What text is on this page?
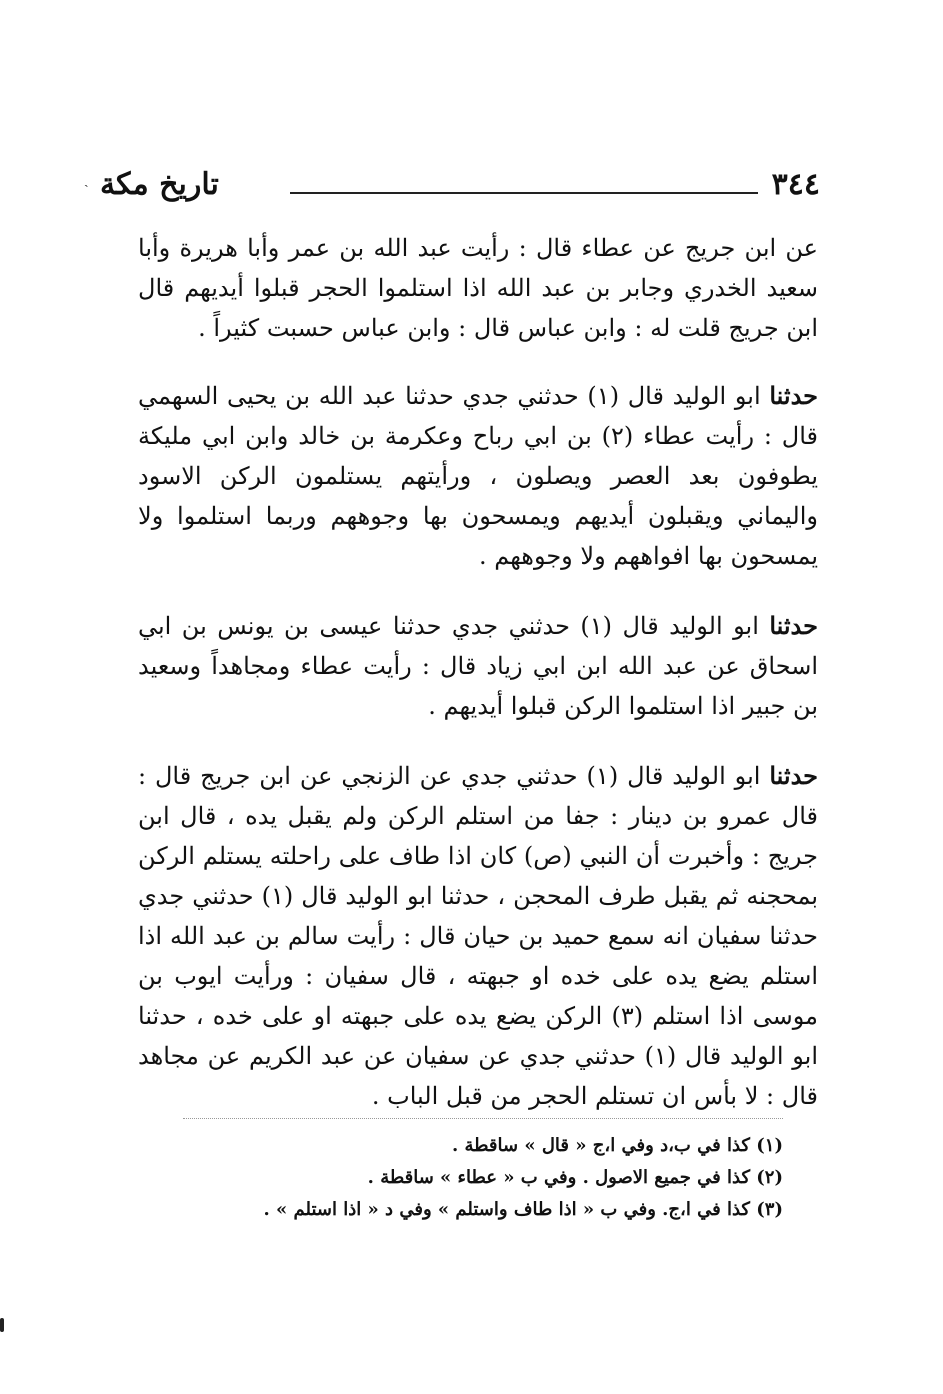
٣٤٤
تاريخ مكة
ˏ

عن ابن جريج عن عطاء قال : رأيت عبد الله بن عمر وأبا هريرة وأبا سعيد الخدري وجابر بن عبد الله اذا استلموا الحجر قبلوا أيديهم قال ابن جريج قلت له : وابن عباس قال : وابن عباس حسبت كثيراً .

حدثنا ابو الوليد قال (١) حدثني جدي حدثنا عبد الله بن يحيى السهمي قال : رأيت عطاء (٢) بن ابي رباح وعكرمة بن خالد وابن ابي مليكة يطوفون بعد العصر ويصلون ، ورأيتهم يستلمون الركن الاسود واليماني ويقبلون أيديهم ويمسحون بها وجوههم وربما استلموا ولا يمسحون بها افواههم ولا وجوههم .

حدثنا ابو الوليد قال (١) حدثني جدي حدثنا عيسى بن يونس بن ابي اسحاق عن عبد الله ابن ابي زياد قال : رأيت عطاء ومجاهداً وسعيد بن جبير اذا استلموا الركن قبلوا أيديهم .

حدثنا ابو الوليد قال (١) حدثني جدي عن الزنجي عن ابن جريج قال : قال عمرو بن دينار : جفا من استلم الركن ولم يقبل يده ، قال ابن جريج : وأخبرت أن النبي (ص) كان اذا طاف على راحلته يستلم الركن بمحجنه ثم يقبل طرف المحجن ، حدثنا ابو الوليد قال (١) حدثني جدي حدثنا سفيان انه سمع حميد بن حيان قال : رأيت سالم بن عبد الله اذا استلم يضع يده على خده او جبهته ، قال سفيان : ورأيت ايوب بن موسى اذا استلم (٣) الركن يضع يده على جبهته او على خده ، حدثنا ابو الوليد قال (١) حدثني جدي عن سفيان عن عبد الكريم عن مجاهد قال : لا بأس ان تستلم الحجر من قبل الباب .

(١) كذا في ب،د وفي ا،ج « قال » ساقطة .

(٢) كذا في جميع الاصول . وفي ب « عطاء » ساقطة .

(٣) كذا في ا،ج. وفي ب « اذا طاف واستلم » وفي د « اذا استلم » .
